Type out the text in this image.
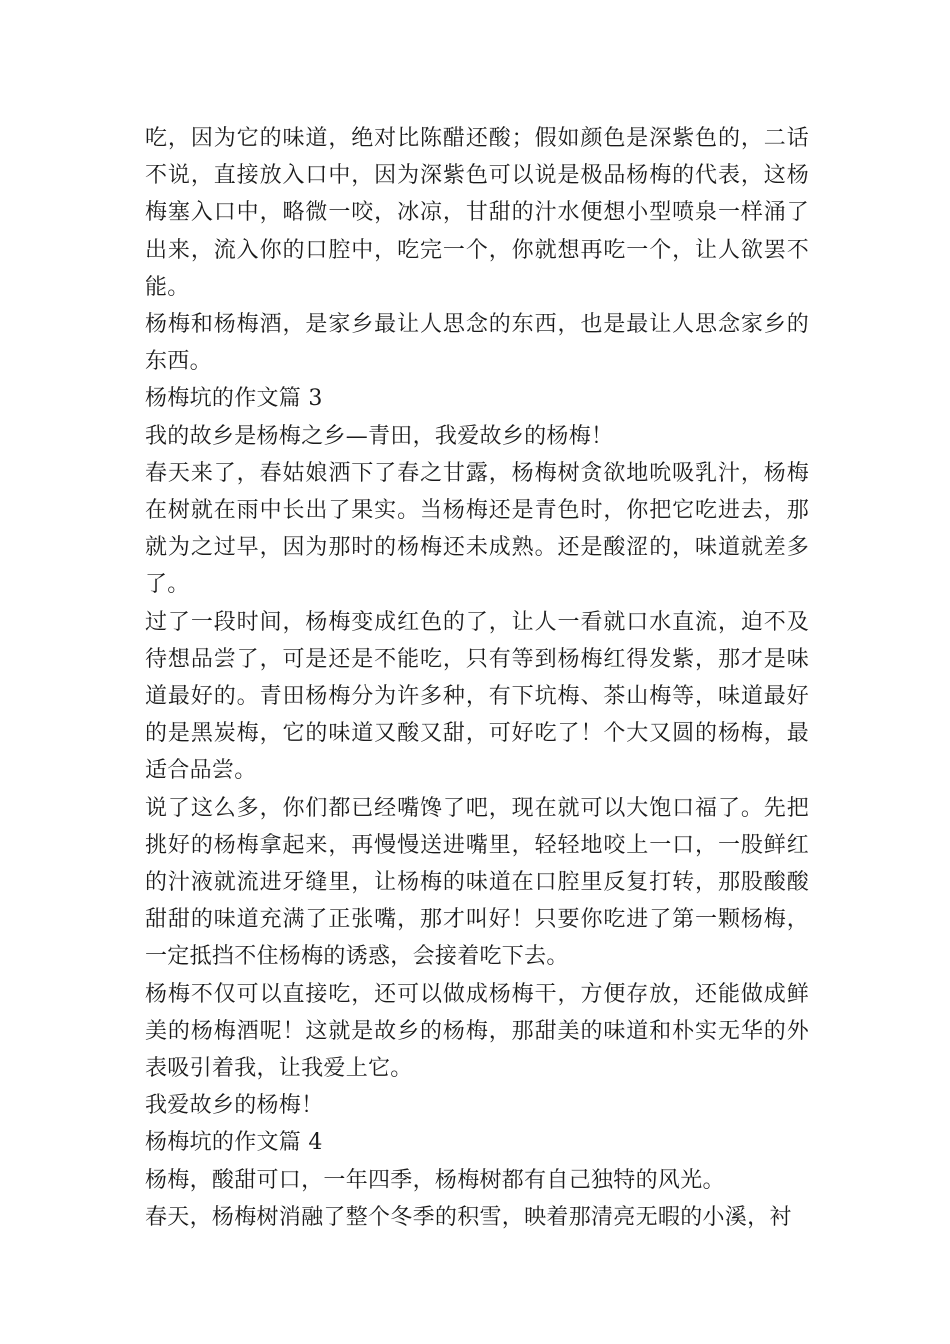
吃，因为它的味道，绝对比陈醋还酸；假如颜色是深紫色的，二话不说，直接放入口中，因为深紫色可以说是极品杨梅的代表，这杨梅塞入口中，略微一咬，冰凉，甘甜的汁水便想小型喷泉一样涌了出来，流入你的口腔中，吃完一个，你就想再吃一个，让人欲罢不能。

杨梅和杨梅酒，是家乡最让人思念的东西，也是最让人思念家乡的东西。

杨梅坑的作文篇 3

我的故乡是杨梅之乡—青田，我爱故乡的杨梅！

春天来了，春姑娘洒下了春之甘露，杨梅树贪欲地吮吸乳汁，杨梅在树就在雨中长出了果实。当杨梅还是青色时，你把它吃进去，那就为之过早，因为那时的杨梅还未成熟。还是酸涩的，味道就差多了。

过了一段时间，杨梅变成红色的了，让人一看就口水直流，迫不及待想品尝了，可是还是不能吃，只有等到杨梅红得发紫，那才是味道最好的。青田杨梅分为许多种，有下坑梅、茶山梅等，味道最好的是黑炭梅，它的味道又酸又甜，可好吃了！个大又圆的杨梅，最适合品尝。

说了这么多，你们都已经嘴馋了吧，现在就可以大饱口福了。先把挑好的杨梅拿起来，再慢慢送进嘴里，轻轻地咬上一口，一股鲜红的汁液就流进牙缝里，让杨梅的味道在口腔里反复打转，那股酸酸甜甜的味道充满了正张嘴，那才叫好！只要你吃进了第一颗杨梅，一定抵挡不住杨梅的诱惑，会接着吃下去。

杨梅不仅可以直接吃，还可以做成杨梅干，方便存放，还能做成鲜美的杨梅酒呢！这就是故乡的杨梅，那甜美的味道和朴实无华的外表吸引着我，让我爱上它。

我爱故乡的杨梅！

杨梅坑的作文篇 4

杨梅，酸甜可口，一年四季，杨梅树都有自己独特的风光。

春天，杨梅树消融了整个冬季的积雪，映着那清亮无暇的小溪，衬
